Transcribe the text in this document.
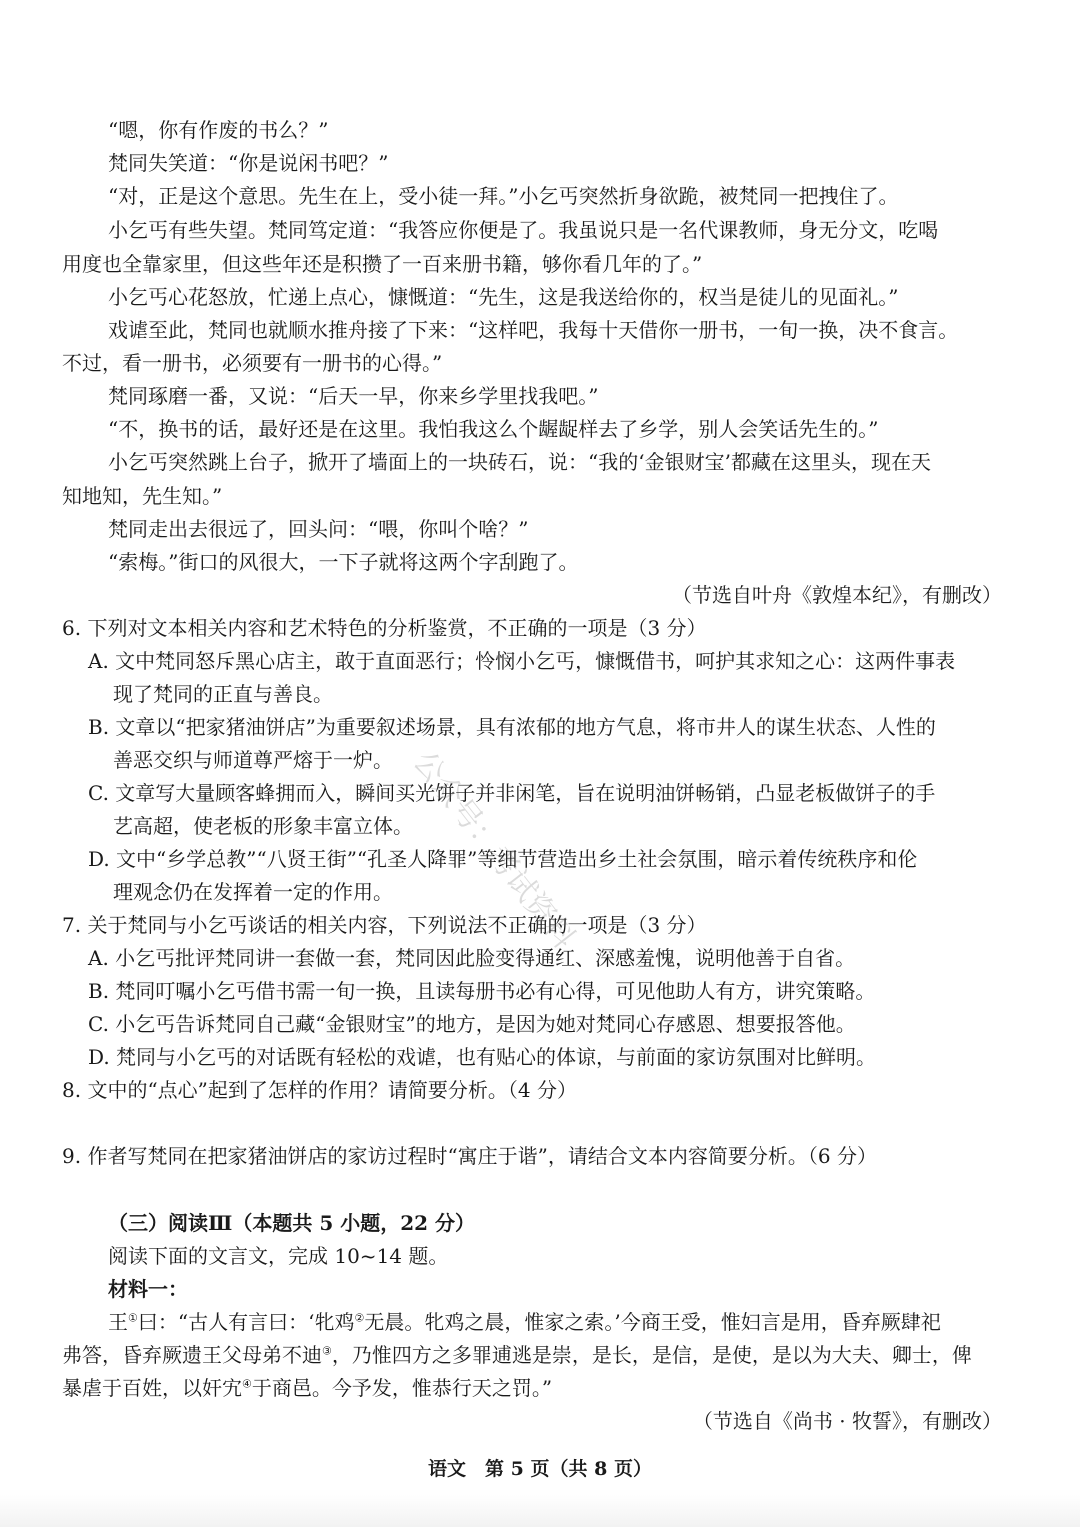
“嗯，你有作废的书么？”
梵同失笑道：“你是说闲书吧？”
“对，正是这个意思。先生在上，受小徒一拜。”小乞丐突然折身欲跪，被梵同一把拽住了。
小乞丐有些失望。梵同笃定道：“我答应你便是了。我虽说只是一名代课教师，身无分文，吃喝
用度也全靠家里，但这些年还是积攒了一百来册书籍，够你看几年的了。”
小乞丐心花怒放，忙递上点心，慷慨道：“先生，这是我送给你的，权当是徒儿的见面礼。”
戏谑至此，梵同也就顺水推舟接了下来：“这样吧，我每十天借你一册书，一旬一换，决不食言。
不过，看一册书，必须要有一册书的心得。”
梵同琢磨一番，又说：“后天一早，你来乡学里找我吧。”
“不，换书的话，最好还是在这里。我怕我这么个龌龊样去了乡学，别人会笑话先生的。”
小乞丐突然跳上台子，掀开了墙面上的一块砖石，说：“我的‘金银财宝’都藏在这里头，现在天
知地知，先生知。”
梵同走出去很远了，回头问：“喂，你叫个啥？”
“索梅。”街口的风很大，一下子就将这两个字刮跑了。
（节选自叶舟《敦煌本纪》，有删改）
6. 下列对文本相关内容和艺术特色的分析鉴赏，不正确的一项是（3 分）
A. 文中梵同怒斥黑心店主，敢于直面恶行；怜悯小乞丐，慷慨借书，呵护其求知之心：这两件事表
现了梵同的正直与善良。
B. 文章以“把家猪油饼店”为重要叙述场景，具有浓郁的地方气息，将市井人的谋生状态、人性的
善恶交织与师道尊严熔于一炉。
C. 文章写大量顾客蜂拥而入，瞬间买光饼子并非闲笔，旨在说明油饼畅销，凸显老板做饼子的手
艺高超，使老板的形象丰富立体。
D. 文中“乡学总教”“八贤王街”“孔圣人降罪”等细节营造出乡土社会氛围，暗示着传统秩序和伦
理观念仍在发挥着一定的作用。
7. 关于梵同与小乞丐谈话的相关内容，下列说法不正确的一项是（3 分）
A. 小乞丐批评梵同讲一套做一套，梵同因此脸变得通红、深感羞愧，说明他善于自省。
B. 梵同叮嘱小乞丐借书需一旬一换，且读每册书必有心得，可见他助人有方，讲究策略。
C. 小乞丐告诉梵同自己藏“金银财宝”的地方，是因为她对梵同心存感恩、想要报答他。
D. 梵同与小乞丐的对话既有轻松的戏谑，也有贴心的体谅，与前面的家访氛围对比鲜明。
8. 文中的“点心”起到了怎样的作用？请简要分析。（4 分）
9. 作者写梵同在把家猪油饼店的家访过程时“寓庄于谐”，请结合文本内容简要分析。（6 分）
（三）阅读Ⅲ（本题共 5 小题，22 分）
阅读下面的文言文，完成 10~14 题。
材料一：
王①曰：“古人有言曰：‘牝鸡②无晨。牝鸡之晨，惟家之索。’今商王受，惟妇言是用，昏弃厥肆祀
弗答，昏弃厥遗王父母弟不迪③，乃惟四方之多罪逋逃是崇，是长，是信，是使，是以为大夫、卿士，俾
暴虐于百姓，以奸宄④于商邑。今予发，惟恭行天之罚。”
（节选自《尚书 · 牧誓》，有删改）
语文　第 5 页（共 8 页）
公众号：考试资料
